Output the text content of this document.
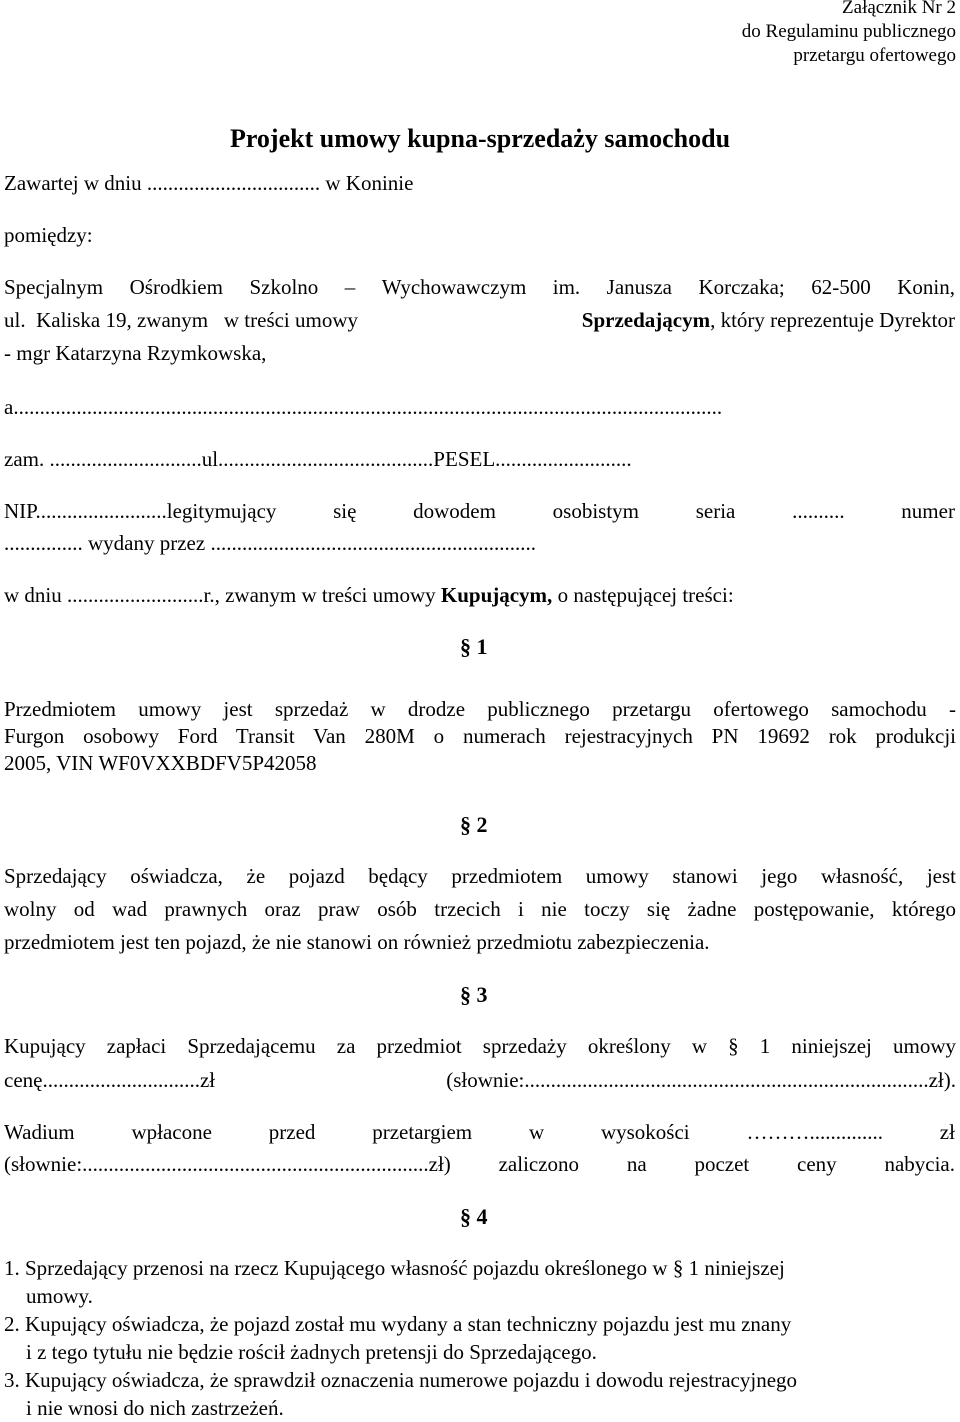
Załącznik Nr 2
do Regulaminu publicznego
przetargu ofertowego
Projekt umowy kupna-sprzedaży samochodu
Zawartej w dniu ................................. w Koninie
pomiędzy:
Specjalnym Ośrodkiem Szkolno – Wychowawczym im. Janusza Korczaka; 62-500 Konin,
ul.  Kaliska 19, zwanym   w treści umowy	Sprzedającym, który reprezentuje Dyrektor
- mgr Katarzyna Rzymkowska,
a.......................................................................................................................................
zam. .............................ul.........................................PESEL..........................
NIP.........................legitymujący	się	dowodem	osobistym	seria	..........	numer
............... wydany przez ..............................................................
w dniu ..........................r., zwanym w treści umowy Kupującym, o następującej treści:
§ 1
Przedmiotem umowy jest sprzedaż w drodze publicznego przetargu ofertowego samochodu -
Furgon osobowy Ford Transit Van 280M o numerach rejestracyjnych PN 19692 rok produkcji
2005, VIN WF0VXXBDFV5P42058
§ 2
Sprzedający oświadcza, że pojazd będący przedmiotem umowy stanowi jego własność, jest
wolny od wad prawnych oraz praw osób trzecich i nie toczy się żadne postępowanie, którego
przedmiotem jest ten pojazd, że nie stanowi on również przedmiotu zabezpieczenia.
§ 3
Kupujący zapłaci Sprzedającemu za przedmiot sprzedaży określony w § 1 niniejszej umowy
cenę..............................zł (słownie:.............................................................................zł).
Wadium	wpłacone	przed	przetargiem	w	wysokości	………..............	zł
(słownie:..................................................................zł) zaliczono na poczet ceny nabycia.
§ 4
1. Sprzedający przenosi na rzecz Kupującego własność pojazdu określonego w § 1 niniejszej
umowy.
2. Kupujący oświadcza, że pojazd został mu wydany a stan techniczny pojazdu jest mu znany
i z tego tytułu nie będzie rościł żadnych pretensji do Sprzedającego.
3. Kupujący oświadcza, że sprawdził oznaczenia numerowe pojazdu i dowodu rejestracyjnego
i nie wnosi do nich zastrzeżeń.
